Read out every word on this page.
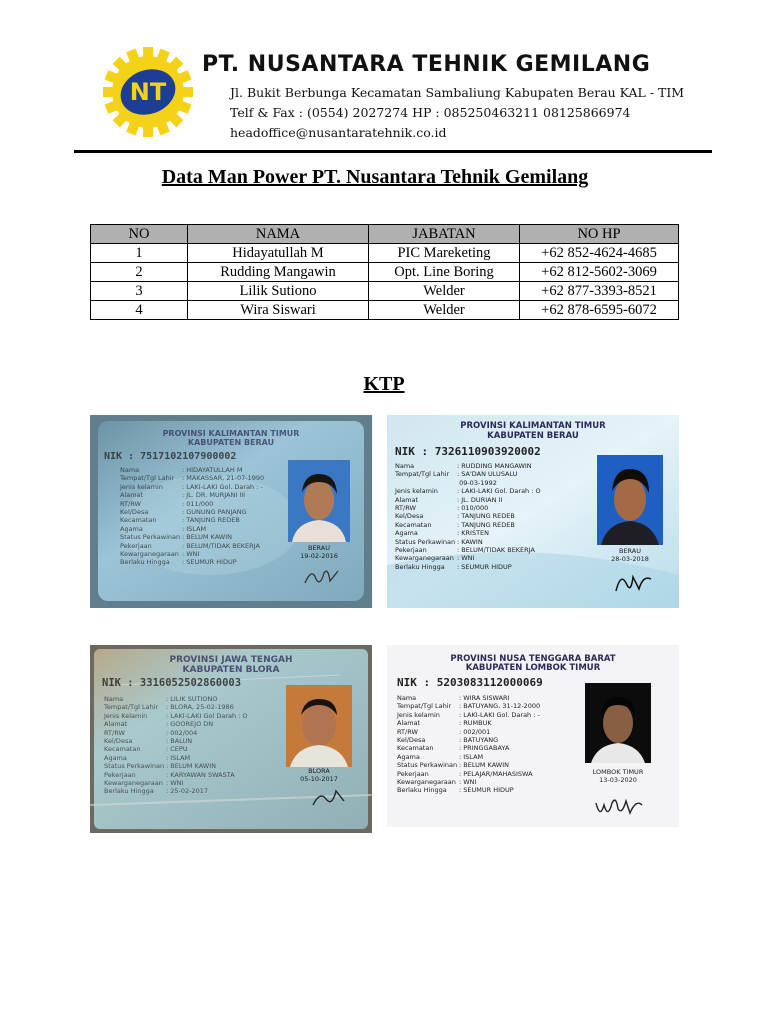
NT
PT. NUSANTARA TEHNIK GEMILANG
Jl. Bukit Berbunga Kecamatan Sambaliung Kabupaten Berau KAL - TIM
Telf & Fax : (0554) 2027274 HP : 085250463211 08125866974
headoffice@nusantaratehnik.co.id
Data Man Power PT. Nusantara Tehnik Gemilang
NO	NAMA	JABATAN	NO HP
1	Hidayatullah M	PIC Mareketing	+62 852-4624-4685
2	Rudding Mangawin	Opt. Line Boring	+62 812-5602-3069
3	Lilik Sutiono	Welder	+62 877-3393-8521
4	Wira Siswari	Welder	+62 878-6595-6072
KTP
PROVINSI KALIMANTAN TIMUR
KABUPATEN BERAU
NIK : 7517102107900002
Nama	: HIDAYATULLAH M
Tempat/Tgl Lahir : MAKASSAR, 21-07-1990
Jenis kelamin	: LAKI-LAKI Gol. Darah : -
Alamat	: JL. DR. MURJANI III
RT/RW	: 011/000
Kel/Desa	: GUNUNG PANJANG
Kecamatan	: TANJUNG REDEB
Agama	: ISLAM
Status Perkawinan : BELUM KAWIN
Pekerjaan	: BELUM/TIDAK BEKERJA
Kewarganegaraan : WNI
Berlaku Hingga : SEUMUR HIDUP
BERAU
19-02-2016
PROVINSI KALIMANTAN TIMUR
KABUPATEN BERAU
NIK : 7326110903920002
Nama	: RUDDING MANGAWIN
Tempat/Tgl Lahir : SA'DAN ULUSALU
09-03-1992
Jenis kelamin	: LAKI-LAKI Gol. Darah : O
Alamat	: JL. DURIAN II
RT/RW	: 010/000
Kel/Desa	: TANJUNG REDEB
Kecamatan	: TANJUNG REDEB
Agama	: KRISTEN
Status Perkawinan : KAWIN
Pekerjaan	: BELUM/TIDAK BEKERJA
Kewarganegaraan : WNI
Berlaku Hingga : SEUMUR HIDUP
BERAU
28-03-2018
PROVINSI JAWA TENGAH
KABUPATEN BLORA
NIK : 3316052502860003
Nama	: LILIK SUTIONO
Tempat/Tgl Lahir : BLORA, 25-02-1986
Jenis Kelamin	: LAKI-LAKI Gol Darah : O
Alamat	: GOOREJO DN
RT/RW	: 002/004
Kel/Desa	: BALUN
Kecamatan	: CEPU
Agama	: ISLAM
Status Perkawinan : BELUM KAWIN
Pekerjaan	: KARYAWAN SWASTA
Kewarganegaraan : WNI
Berlaku Hingga : 25-02-2017
BLORA
05-10-2017
PROVINSI NUSA TENGGARA BARAT
KABUPATEN LOMBOK TIMUR
NIK : 5203083112000069
Nama	: WIRA SISWARI
Tempat/Tgl Lahir : BATUYANG, 31-12-2000
Jenis kelamin	: LAKI-LAKI Gol. Darah : -
Alamat	: RUMBUK
RT/RW	: 002/001
Kel/Desa	: BATUYANG
Kecamatan	: PRINGGABAYA
Agama	: ISLAM
Status Perkawinan : BELUM KAWIN
Pekerjaan	: PELAJAR/MAHASISWA
Kewarganegaraan : WNI
Berlaku Hingga : SEUMUR HIDUP
LOMBOK TIMUR
13-03-2020
